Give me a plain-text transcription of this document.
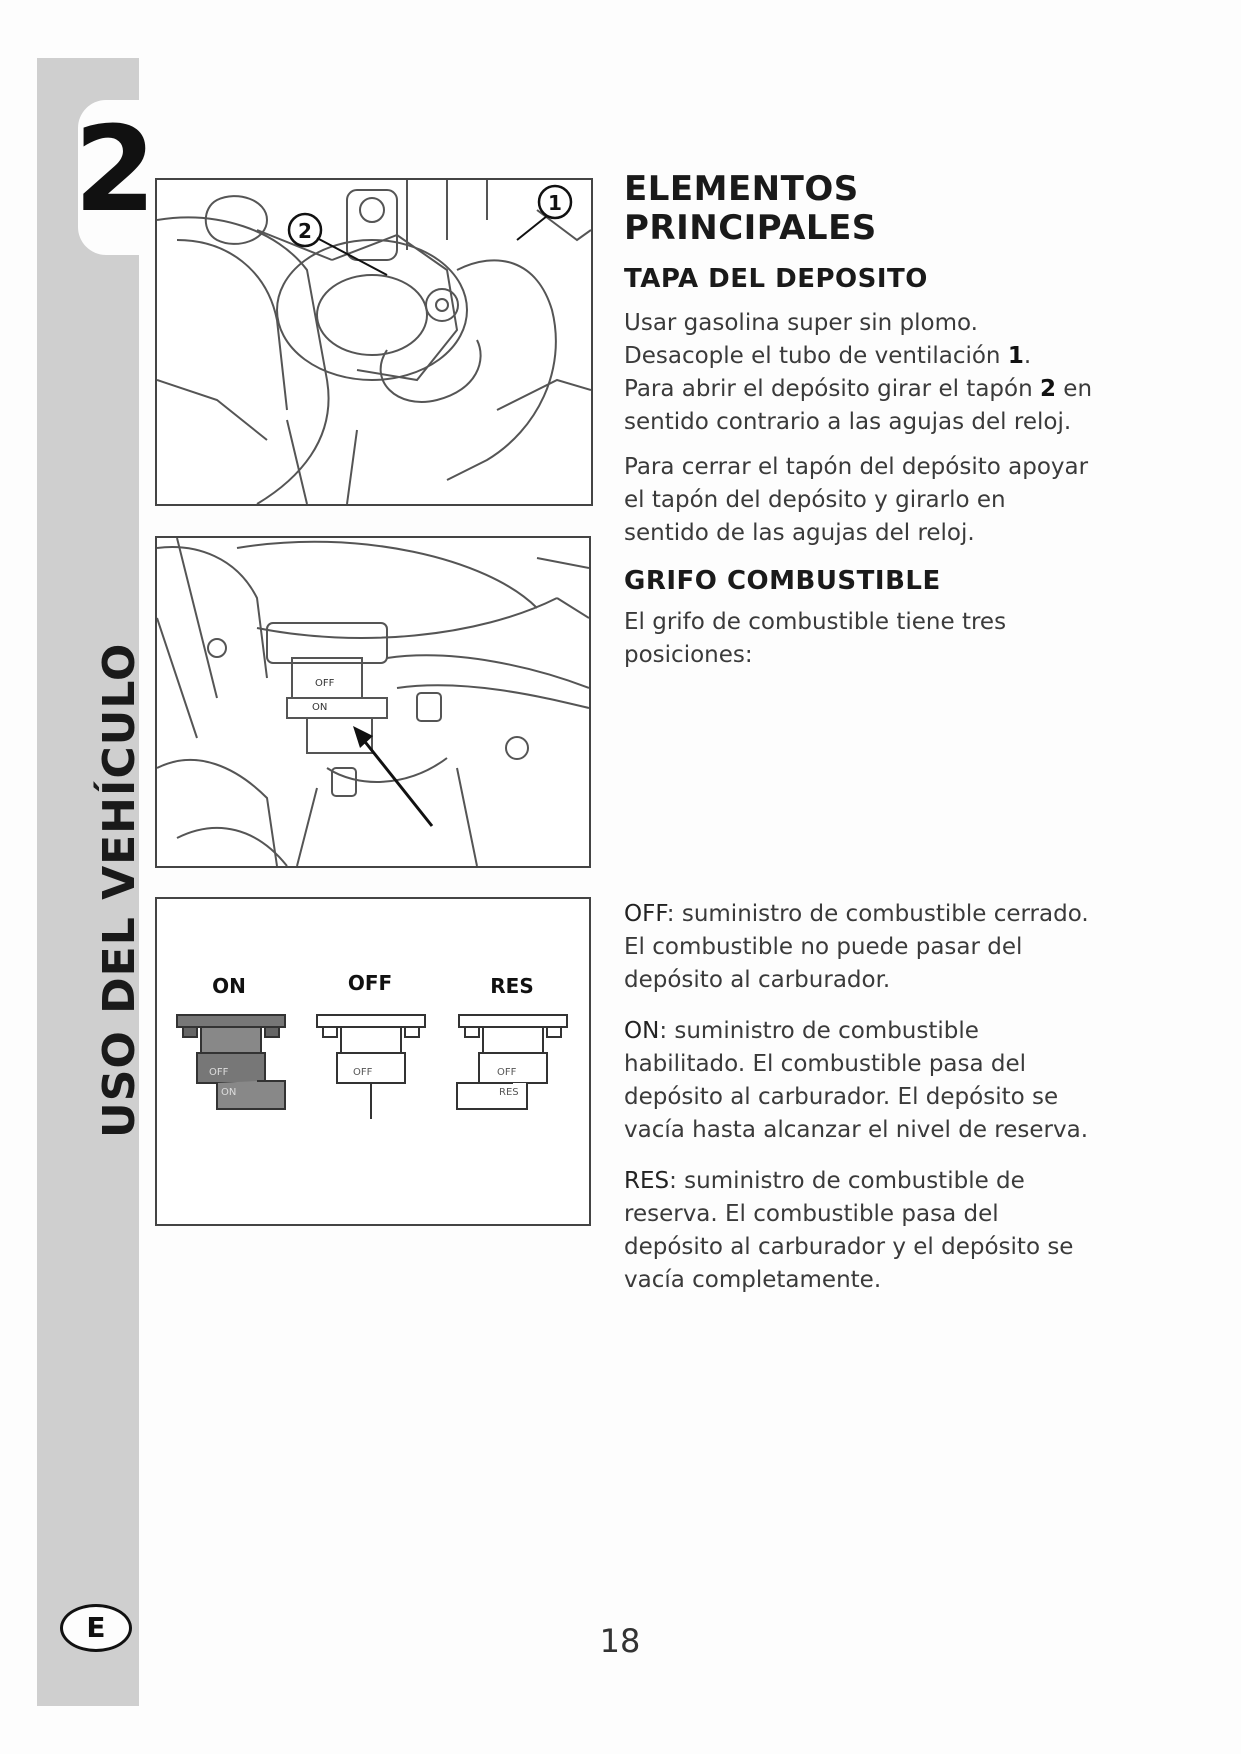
2
USO DEL VEHÍCULO
E
2
1
OFF
ON
ON	OFF	RES
OFF
ON
OFF	OFF
RES
ELEMENTOS PRINCIPALES
TAPA DEL DEPOSITO

Usar gasolina super sin plomo.
Desacople el tubo de ventilación 1.
Para abrir el depósito girar el tapón 2 en sentido contrario a las agujas del reloj.

Para cerrar el tapón del depósito apoyar el tapón del depósito y girarlo en sentido de las agujas del reloj.

GRIFO COMBUSTIBLE

El grifo de combustible tiene tres posiciones:

OFF: suministro de combustible cerrado. El combustible no puede pasar del depósito al carburador.

ON: suministro de combustible habilitado. El combustible pasa del depósito al carburador. El depósito se vacía hasta alcanzar el nivel de reserva.

RES: suministro de combustible de reserva. El combustible pasa del depósito al carburador y el depósito se vacía completamente.

18
